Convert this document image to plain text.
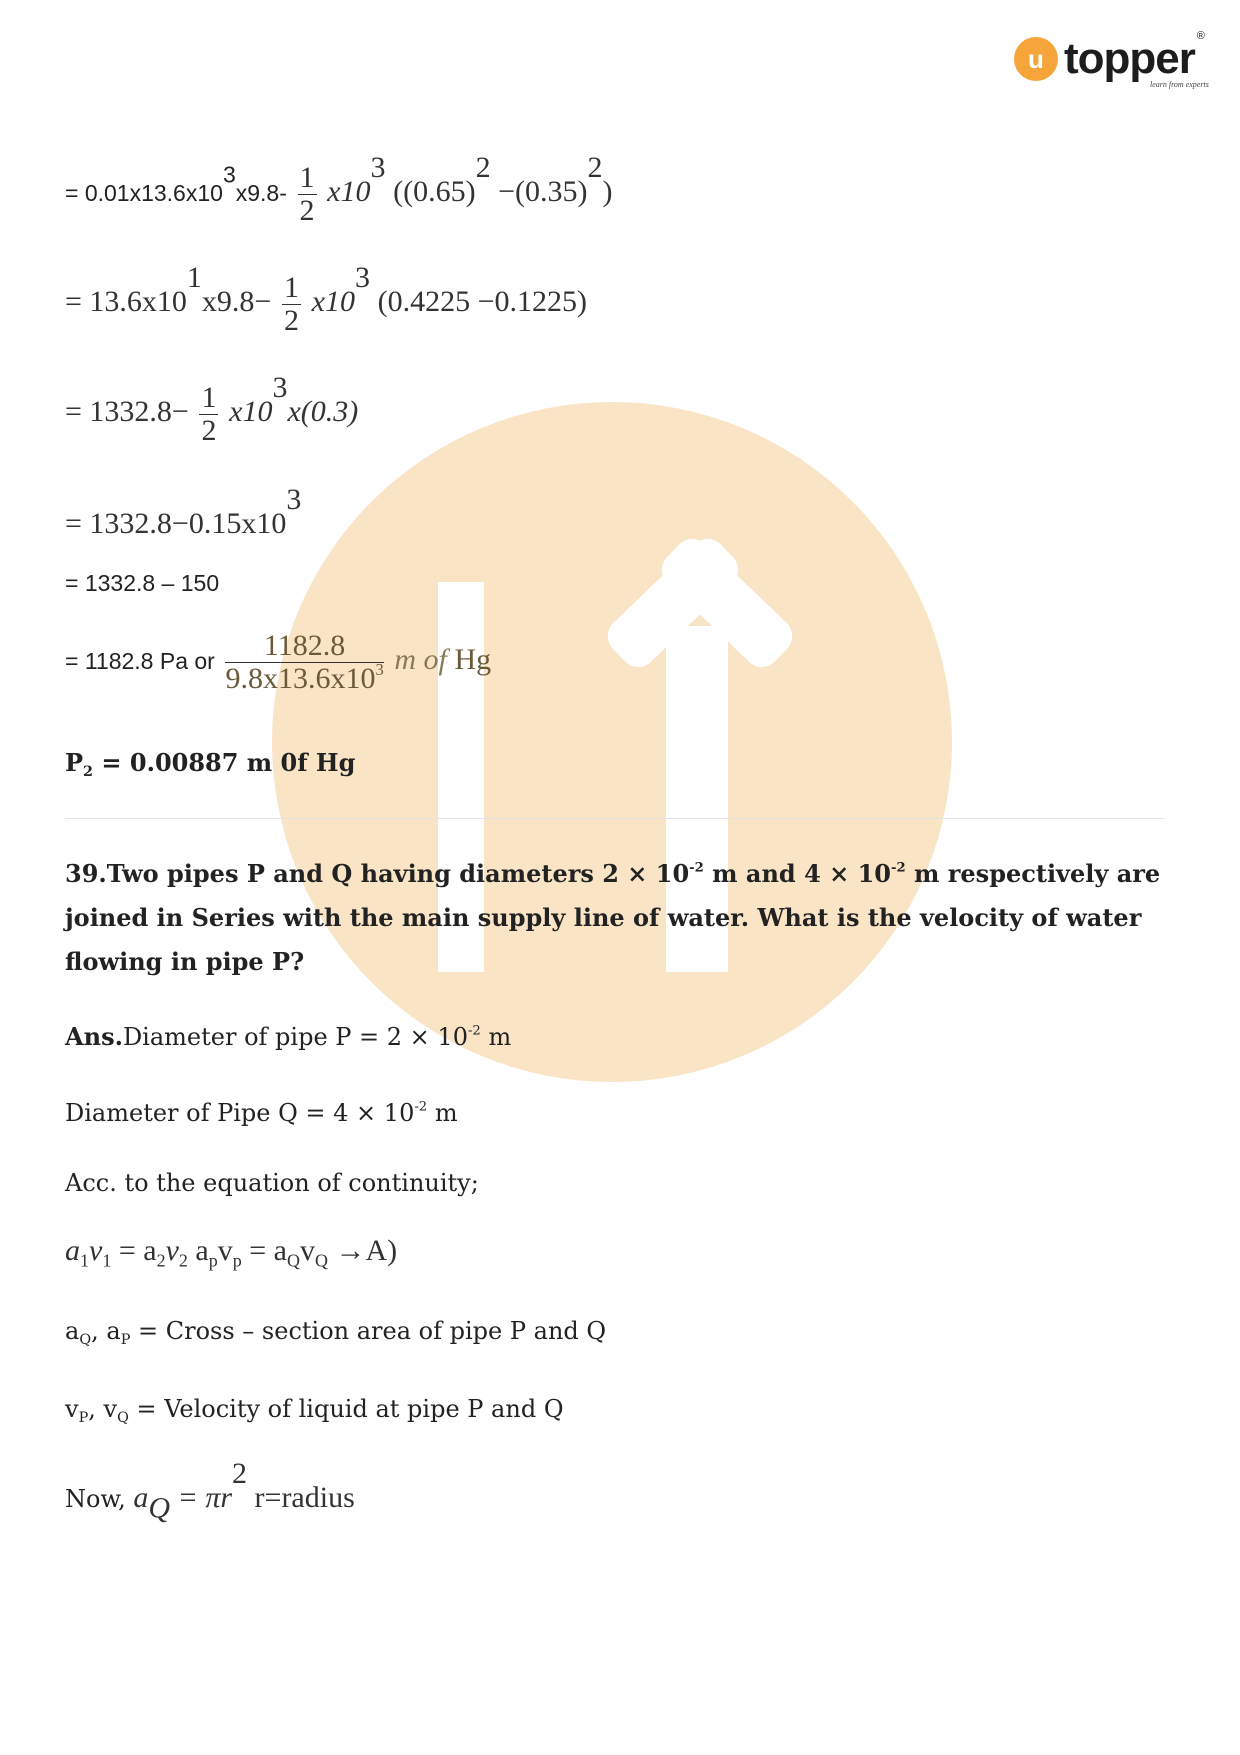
u topper ®
learn from experts
= $0.01x13.6x10^3x9.8- \frac{1}{2} x10^3$ $((0.65)^2 -(0.35)^2)$
= $13.6x10^1x9.8- \frac{1}{2} x10^3$ (0.4225 −0.1225)
= $1332.8- \frac{1}{2} x10^3x(0.3)$
= $1332.8-0.15x10^3$
= 1332.8 – 150
= 1182.8 Pa or $\frac{1182.8}{9.8x13.6x10^3}$ m of Hg
$P_2 = 0.00887$ m 0f Hg
39.Two pipes P and Q having diameters $2 \times 10^{-2}$ m and $4 \times 10^{-2}$ m respectively are joined in Series with the main supply line of water. What is the velocity of water flowing in pipe P?
Ans.Diameter of pipe $P = 2 \times 10^{-2}$ m
Diameter of Pipe $Q = 4 \times 10^{-2}$ m
Acc. to the equation of continuity;
$a_1v_1 = a_2v_2$ $a_pv_p = a_Qv_Q \to A$)
$a_Q$, $a_P$ = Cross – section area of pipe P and Q
$v_P$, $v_Q$ = Velocity of liquid at pipe P and Q
Now, $a_Q = \pi r^2$ r=radius
